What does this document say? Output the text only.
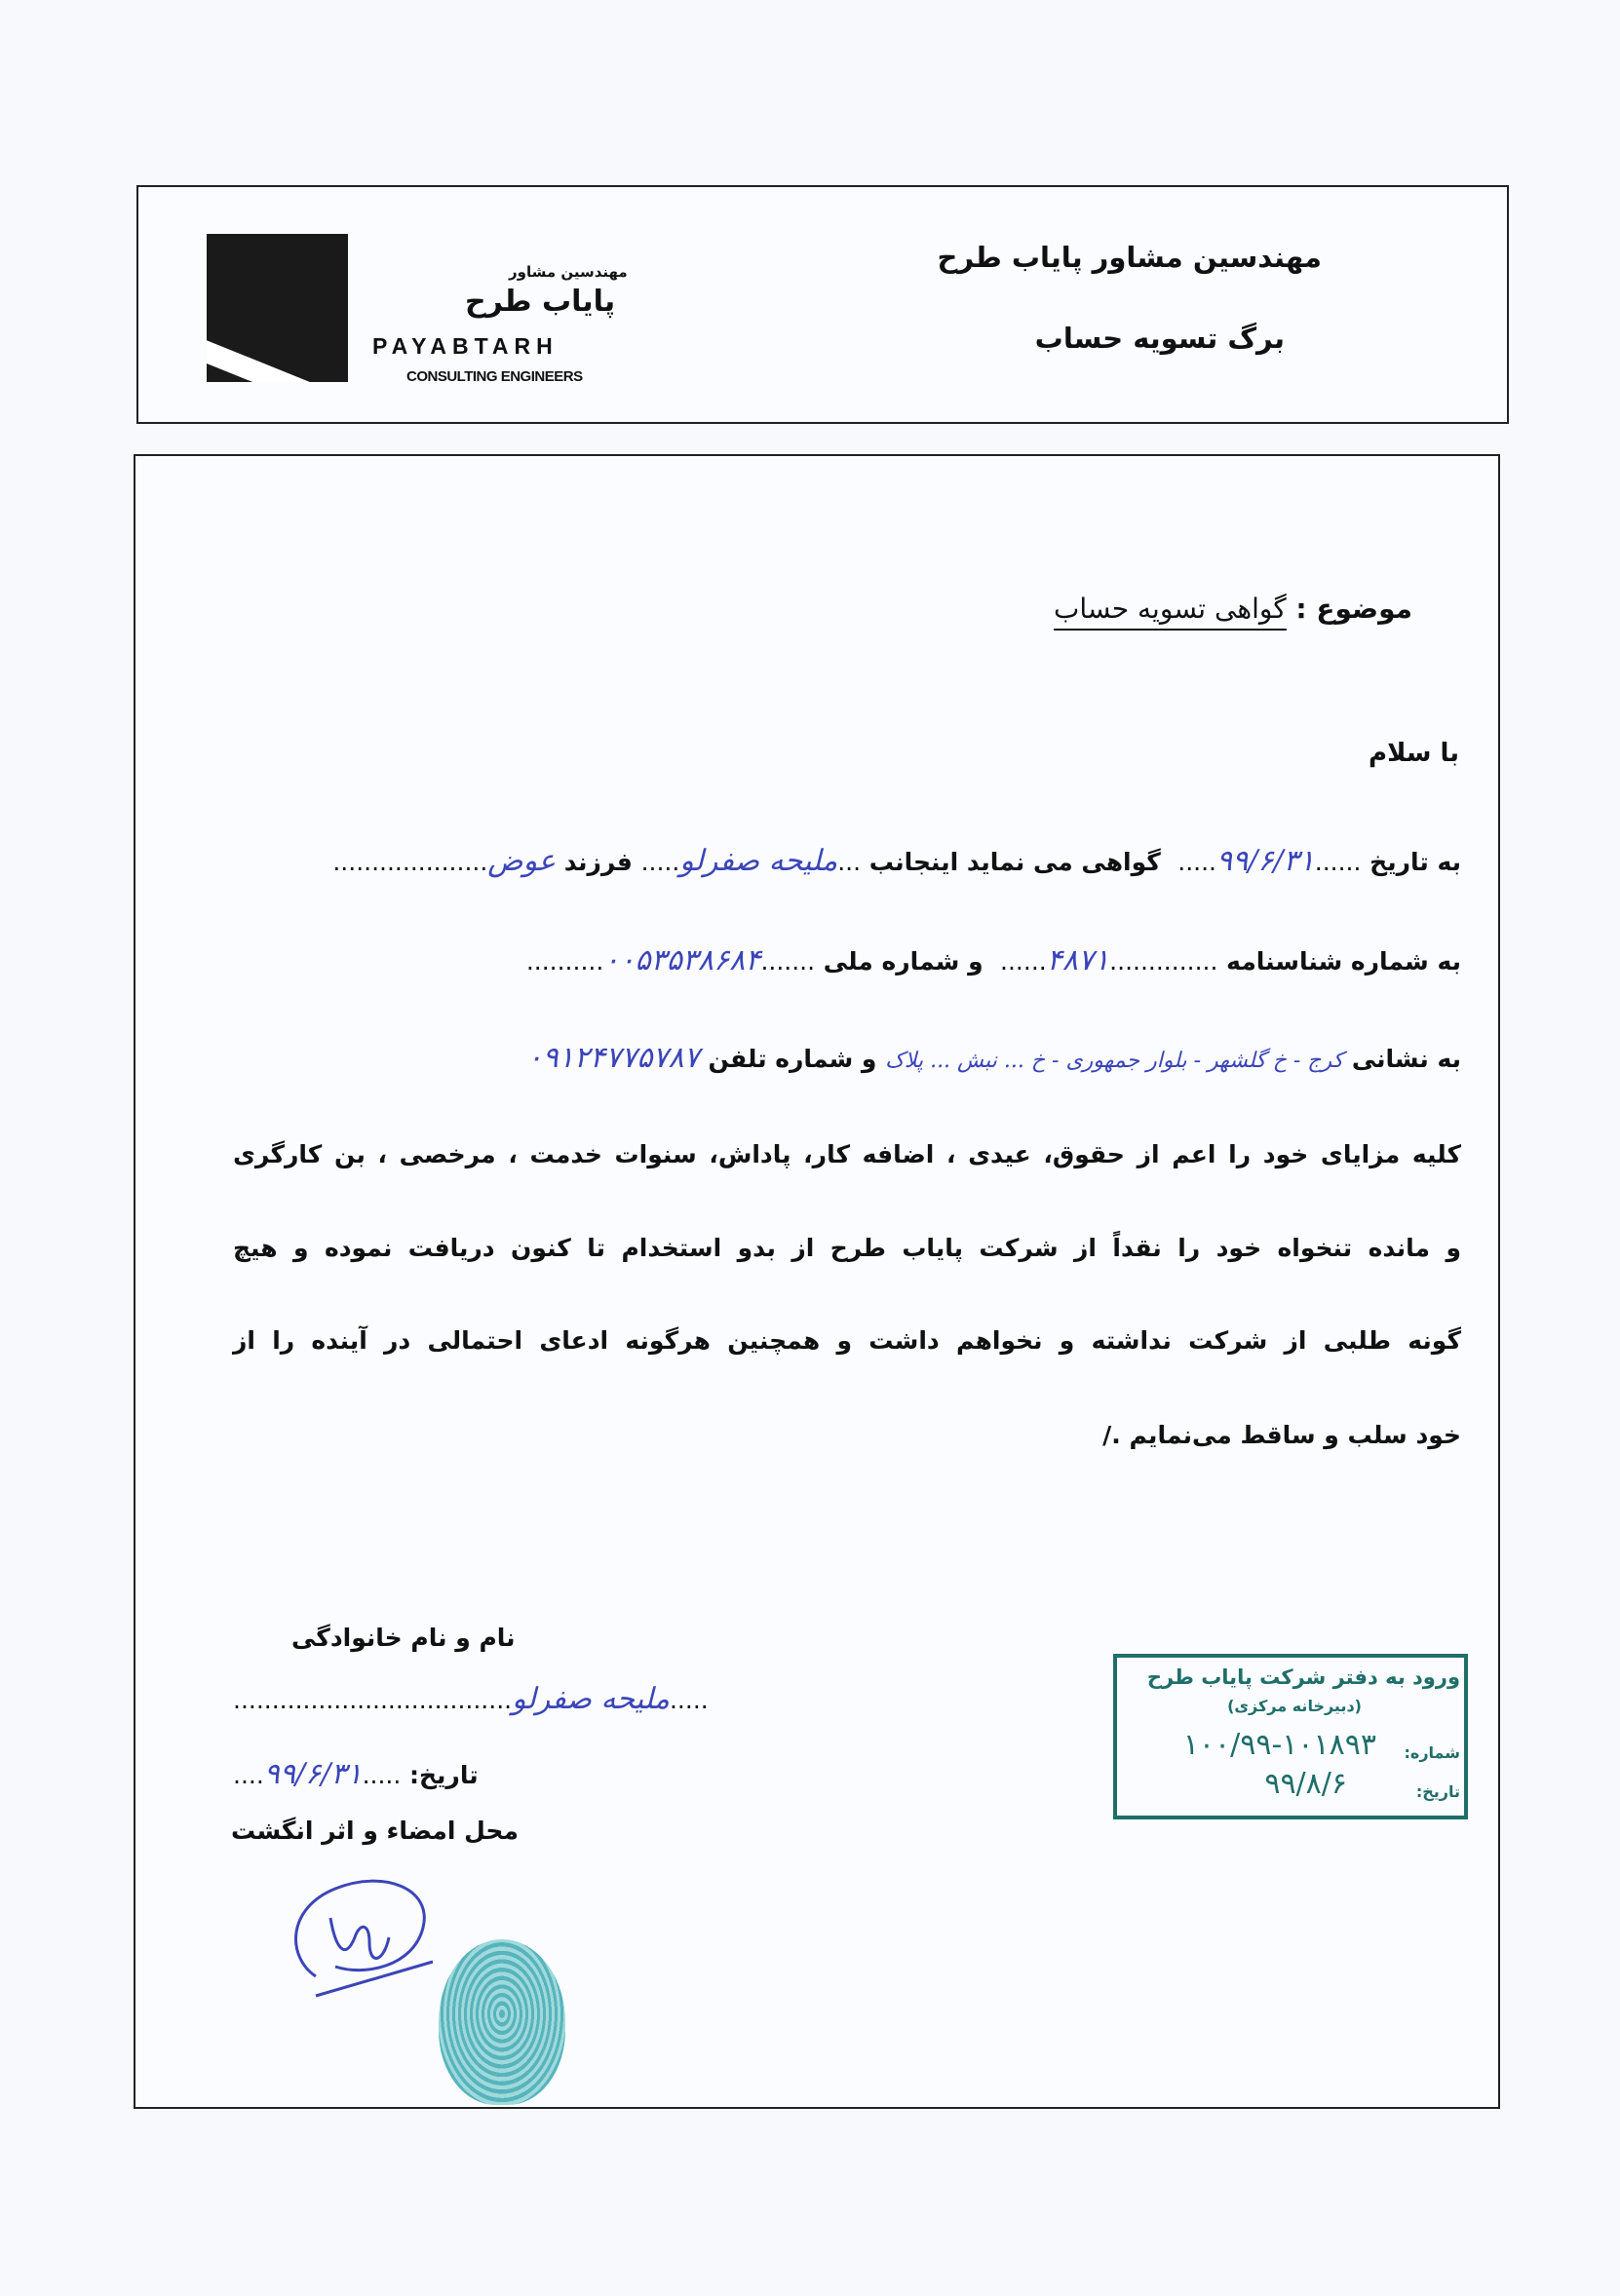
مهندسین مشاور
پایاب طرح
PAYABTARH
CONSULTING ENGINEERS
مهندسین مشاور پایاب طرح
برگ تسویه حساب
موضوع : گواهی تسویه حساب
با سلام
به تاریخ ......۹۹/۶/۳۱.....  گواهی می نماید اینجانب ...ملیحه صفرلو..... فرزند عوض....................
به شماره شناسنامه ..............۴۸۷۱......  و شماره ملی .......۰۰۵۳۵۳۸۶۸۴..........
به نشانی کرج - خ گلشهر - بلوار جمهوری - خ ... نبش ... پلاک و شماره تلفن ۰۹۱۲۴۷۷۵۷۸۷
کلیه مزایای خود را اعم از حقوق، عیدی ، اضافه کار، پاداش، سنوات خدمت ، مرخصی ، بن کارگری
و مانده تنخواه خود را نقداً از شرکت پایاب طرح از بدو استخدام تا کنون دریافت نموده و هیچ
گونه طلبی از شرکت نداشته و نخواهم داشت و همچنین هرگونه ادعای احتمالی در آینده را از
خود سلب و ساقط می‌نمایم ./
نام و نام خانوادگی
.....ملیحه صفرلو....................................
تاریخ: .....۹۹/۶/۳۱....
محل امضاء و اثر انگشت
ورود به دفتر شرکت پایاب طرح
(دبیرخانه مرکزی)
شماره:
۱۰۰/۹۹-۱۰۱۸۹۳
تاریخ:
۹۹/۸/۶
